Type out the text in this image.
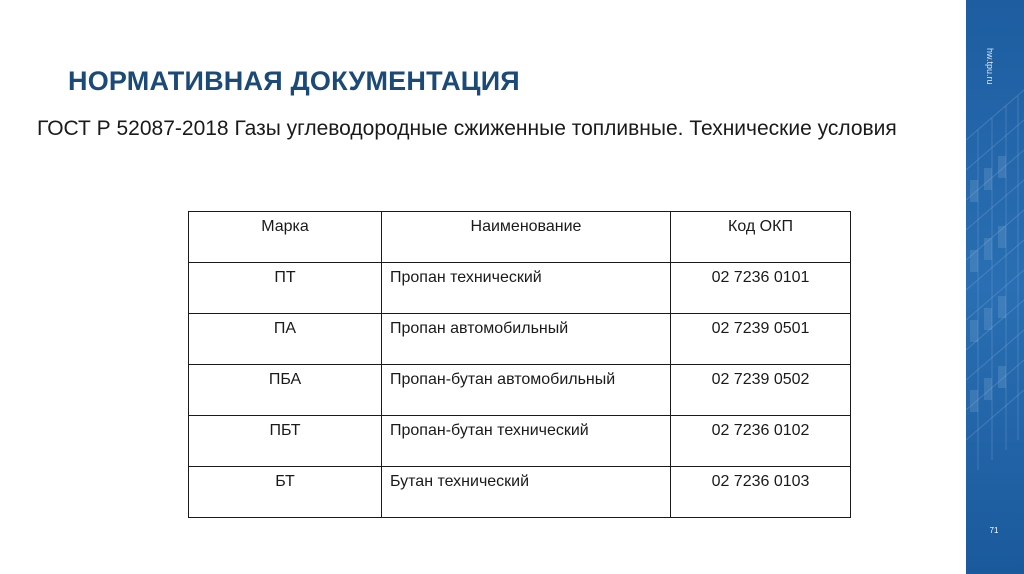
НОРМАТИВНАЯ ДОКУМЕНТАЦИЯ
ГОСТ Р 52087-2018 Газы углеводородные сжиженные топливные. Технические условия
Марка	Наименование	Код ОКП
ПТ	Пропан технический	02 7236 0101
ПА	Пропан автомобильный	02 7239 0501
ПБА	Пропан-бутан автомобильный	02 7239 0502
ПБТ	Пропан-бутан технический	02 7236 0102
БТ	Бутан технический	02 7236 0103
hw.tpu.ru
71
